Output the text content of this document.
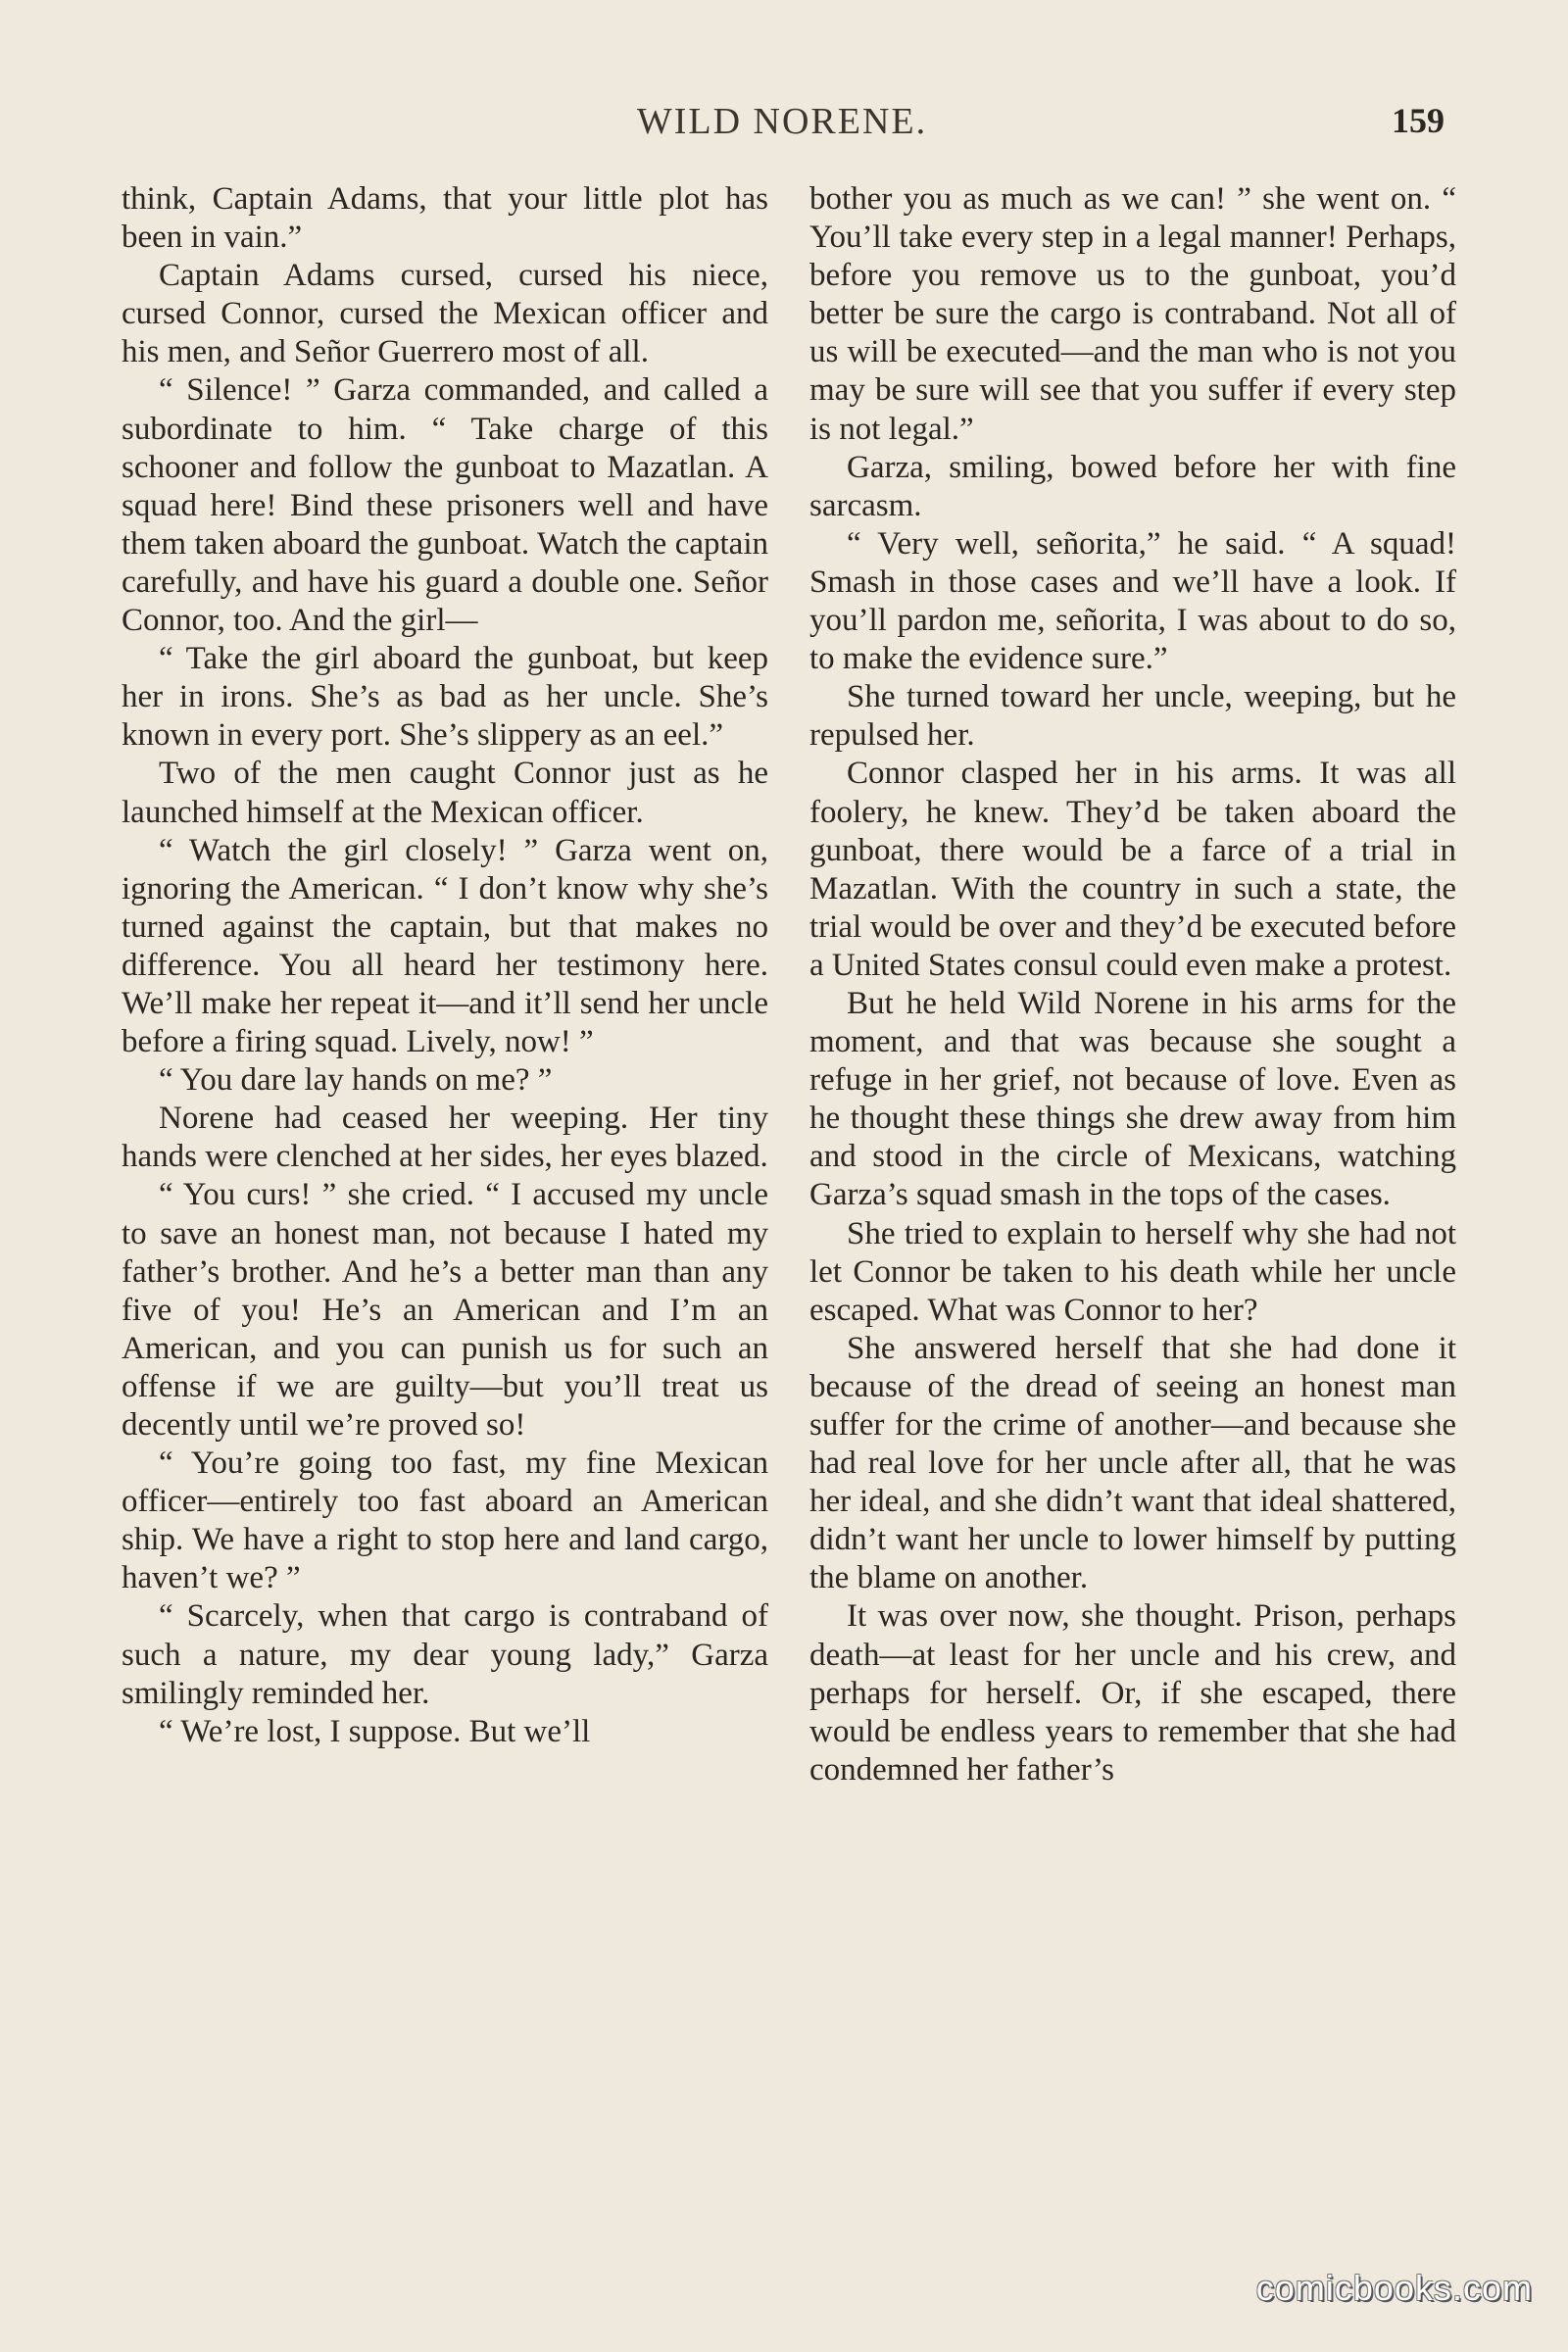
WILD NORENE.	159

think, Captain Adams, that your little plot has been in vain.”

Captain Adams cursed, cursed his niece, cursed Connor, cursed the Mexican officer and his men, and Señor Guerrero most of all.

“ Silence! ” Garza commanded, and called a subordinate to him. “ Take charge of this schooner and follow the gunboat to Mazatlan. A squad here! Bind these prisoners well and have them taken aboard the gunboat. Watch the captain carefully, and have his guard a double one. Señor Connor, too. And the girl—

“ Take the girl aboard the gunboat, but keep her in irons. She’s as bad as her uncle. She’s known in every port. She’s slippery as an eel.”

Two of the men caught Connor just as he launched himself at the Mexican officer.

“ Watch the girl closely! ” Garza went on, ignoring the American. “ I don’t know why she’s turned against the captain, but that makes no difference. You all heard her testimony here. We’ll make her repeat it—and it’ll send her uncle before a firing squad. Lively, now! ”

“ You dare lay hands on me? ”

Norene had ceased her weeping. Her tiny hands were clenched at her sides, her eyes blazed.

“ You curs! ” she cried. “ I accused my uncle to save an honest man, not because I hated my father’s brother. And he’s a better man than any five of you! He’s an American and I’m an American, and you can punish us for such an offense if we are guilty—but you’ll treat us decently until we’re proved so!

“ You’re going too fast, my fine Mexican officer—entirely too fast aboard an American ship. We have a right to stop here and land cargo, haven’t we? ”

“ Scarcely, when that cargo is contraband of such a nature, my dear young lady,” Garza smilingly reminded her.

“ We’re lost, I suppose. But we’ll

bother you as much as we can! ” she went on. “ You’ll take every step in a legal manner! Perhaps, before you remove us to the gunboat, you’d better be sure the cargo is contraband. Not all of us will be executed—and the man who is not you may be sure will see that you suffer if every step is not legal.”

Garza, smiling, bowed before her with fine sarcasm.

“ Very well, señorita,” he said. “ A squad! Smash in those cases and we’ll have a look. If you’ll pardon me, señorita, I was about to do so, to make the evidence sure.”

She turned toward her uncle, weeping, but he repulsed her.

Connor clasped her in his arms. It was all foolery, he knew. They’d be taken aboard the gunboat, there would be a farce of a trial in Mazatlan. With the country in such a state, the trial would be over and they’d be executed before a United States consul could even make a protest.

But he held Wild Norene in his arms for the moment, and that was because she sought a refuge in her grief, not because of love. Even as he thought these things she drew away from him and stood in the circle of Mexicans, watching Garza’s squad smash in the tops of the cases.

She tried to explain to herself why she had not let Connor be taken to his death while her uncle escaped. What was Connor to her?

She answered herself that she had done it because of the dread of seeing an honest man suffer for the crime of another—and because she had real love for her uncle after all, that he was her ideal, and she didn’t want that ideal shattered, didn’t want her uncle to lower himself by putting the blame on another.

It was over now, she thought. Prison, perhaps death—at least for her uncle and his crew, and perhaps for herself. Or, if she escaped, there would be endless years to remember that she had condemned her father’s

comicbooks.com
